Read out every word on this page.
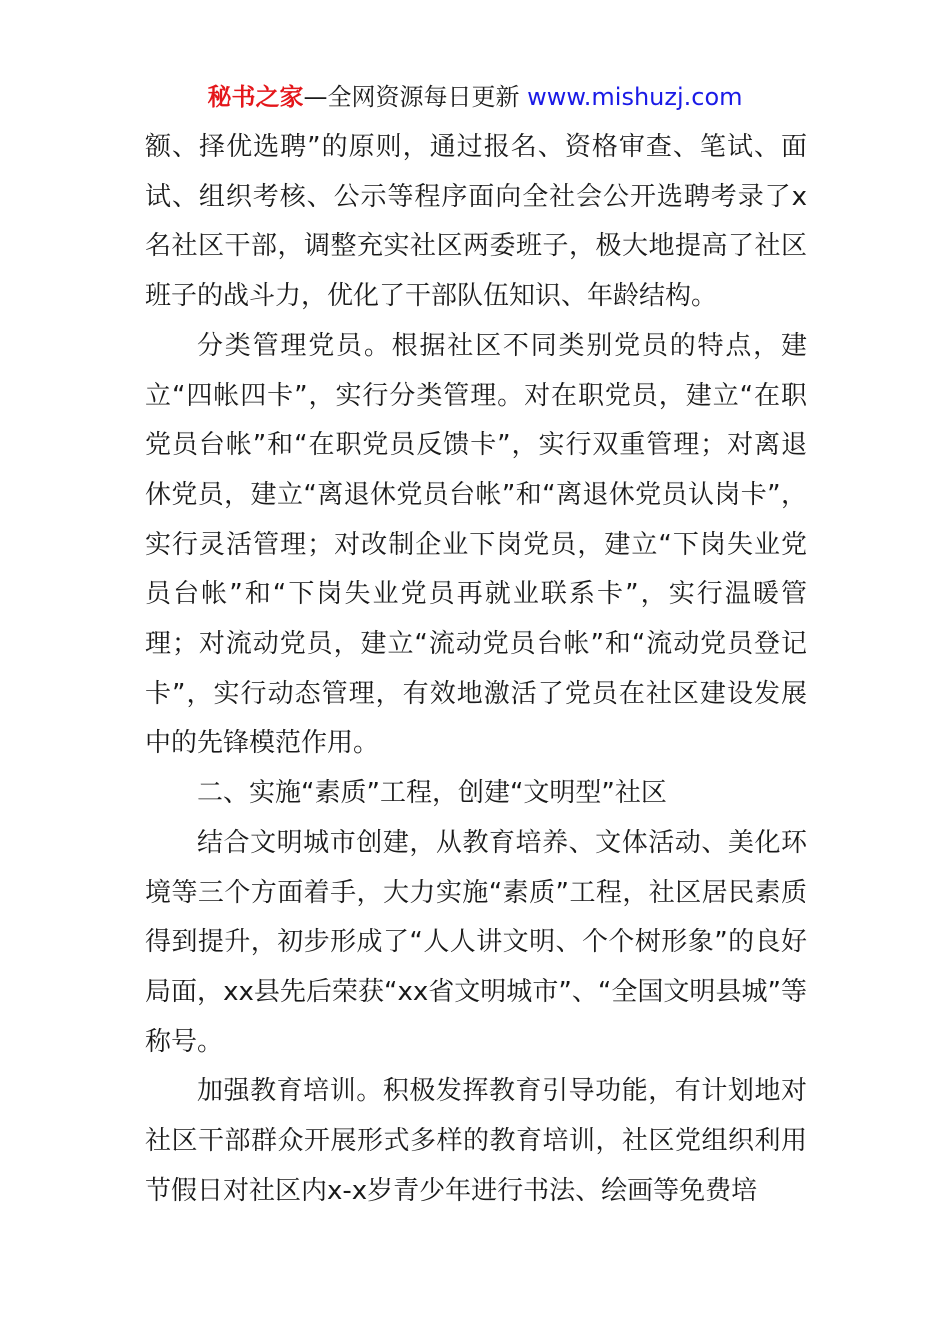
秘书之家—全网资源每日更新 www.mishuzj.com

额、择优选聘”的原则，通过报名、资格审查、笔试、面试、组织考核、公示等程序面向全社会公开选聘考录了x名社区干部，调整充实社区两委班子，极大地提高了社区班子的战斗力，优化了干部队伍知识、年龄结构。

分类管理党员。根据社区不同类别党员的特点，建立“四帐四卡”，实行分类管理。对在职党员，建立“在职党员台帐”和“在职党员反馈卡”，实行双重管理；对离退休党员，建立“离退休党员台帐”和“离退休党员认岗卡”，实行灵活管理；对改制企业下岗党员，建立“下岗失业党员台帐”和“下岗失业党员再就业联系卡”，实行温暖管理；对流动党员，建立“流动党员台帐”和“流动党员登记卡”，实行动态管理，有效地激活了党员在社区建设发展中的先锋模范作用。

二、实施“素质”工程，创建“文明型”社区

结合文明城市创建，从教育培养、文体活动、美化环境等三个方面着手，大力实施“素质”工程，社区居民素质得到提升，初步形成了“人人讲文明、个个树形象”的良好局面，xx县先后荣获“xx省文明城市”、“全国文明县城”等称号。

加强教育培训。积极发挥教育引导功能，有计划地对社区干部群众开展形式多样的教育培训，社区党组织利用节假日对社区内x-x岁青少年进行书法、绘画等免费培
